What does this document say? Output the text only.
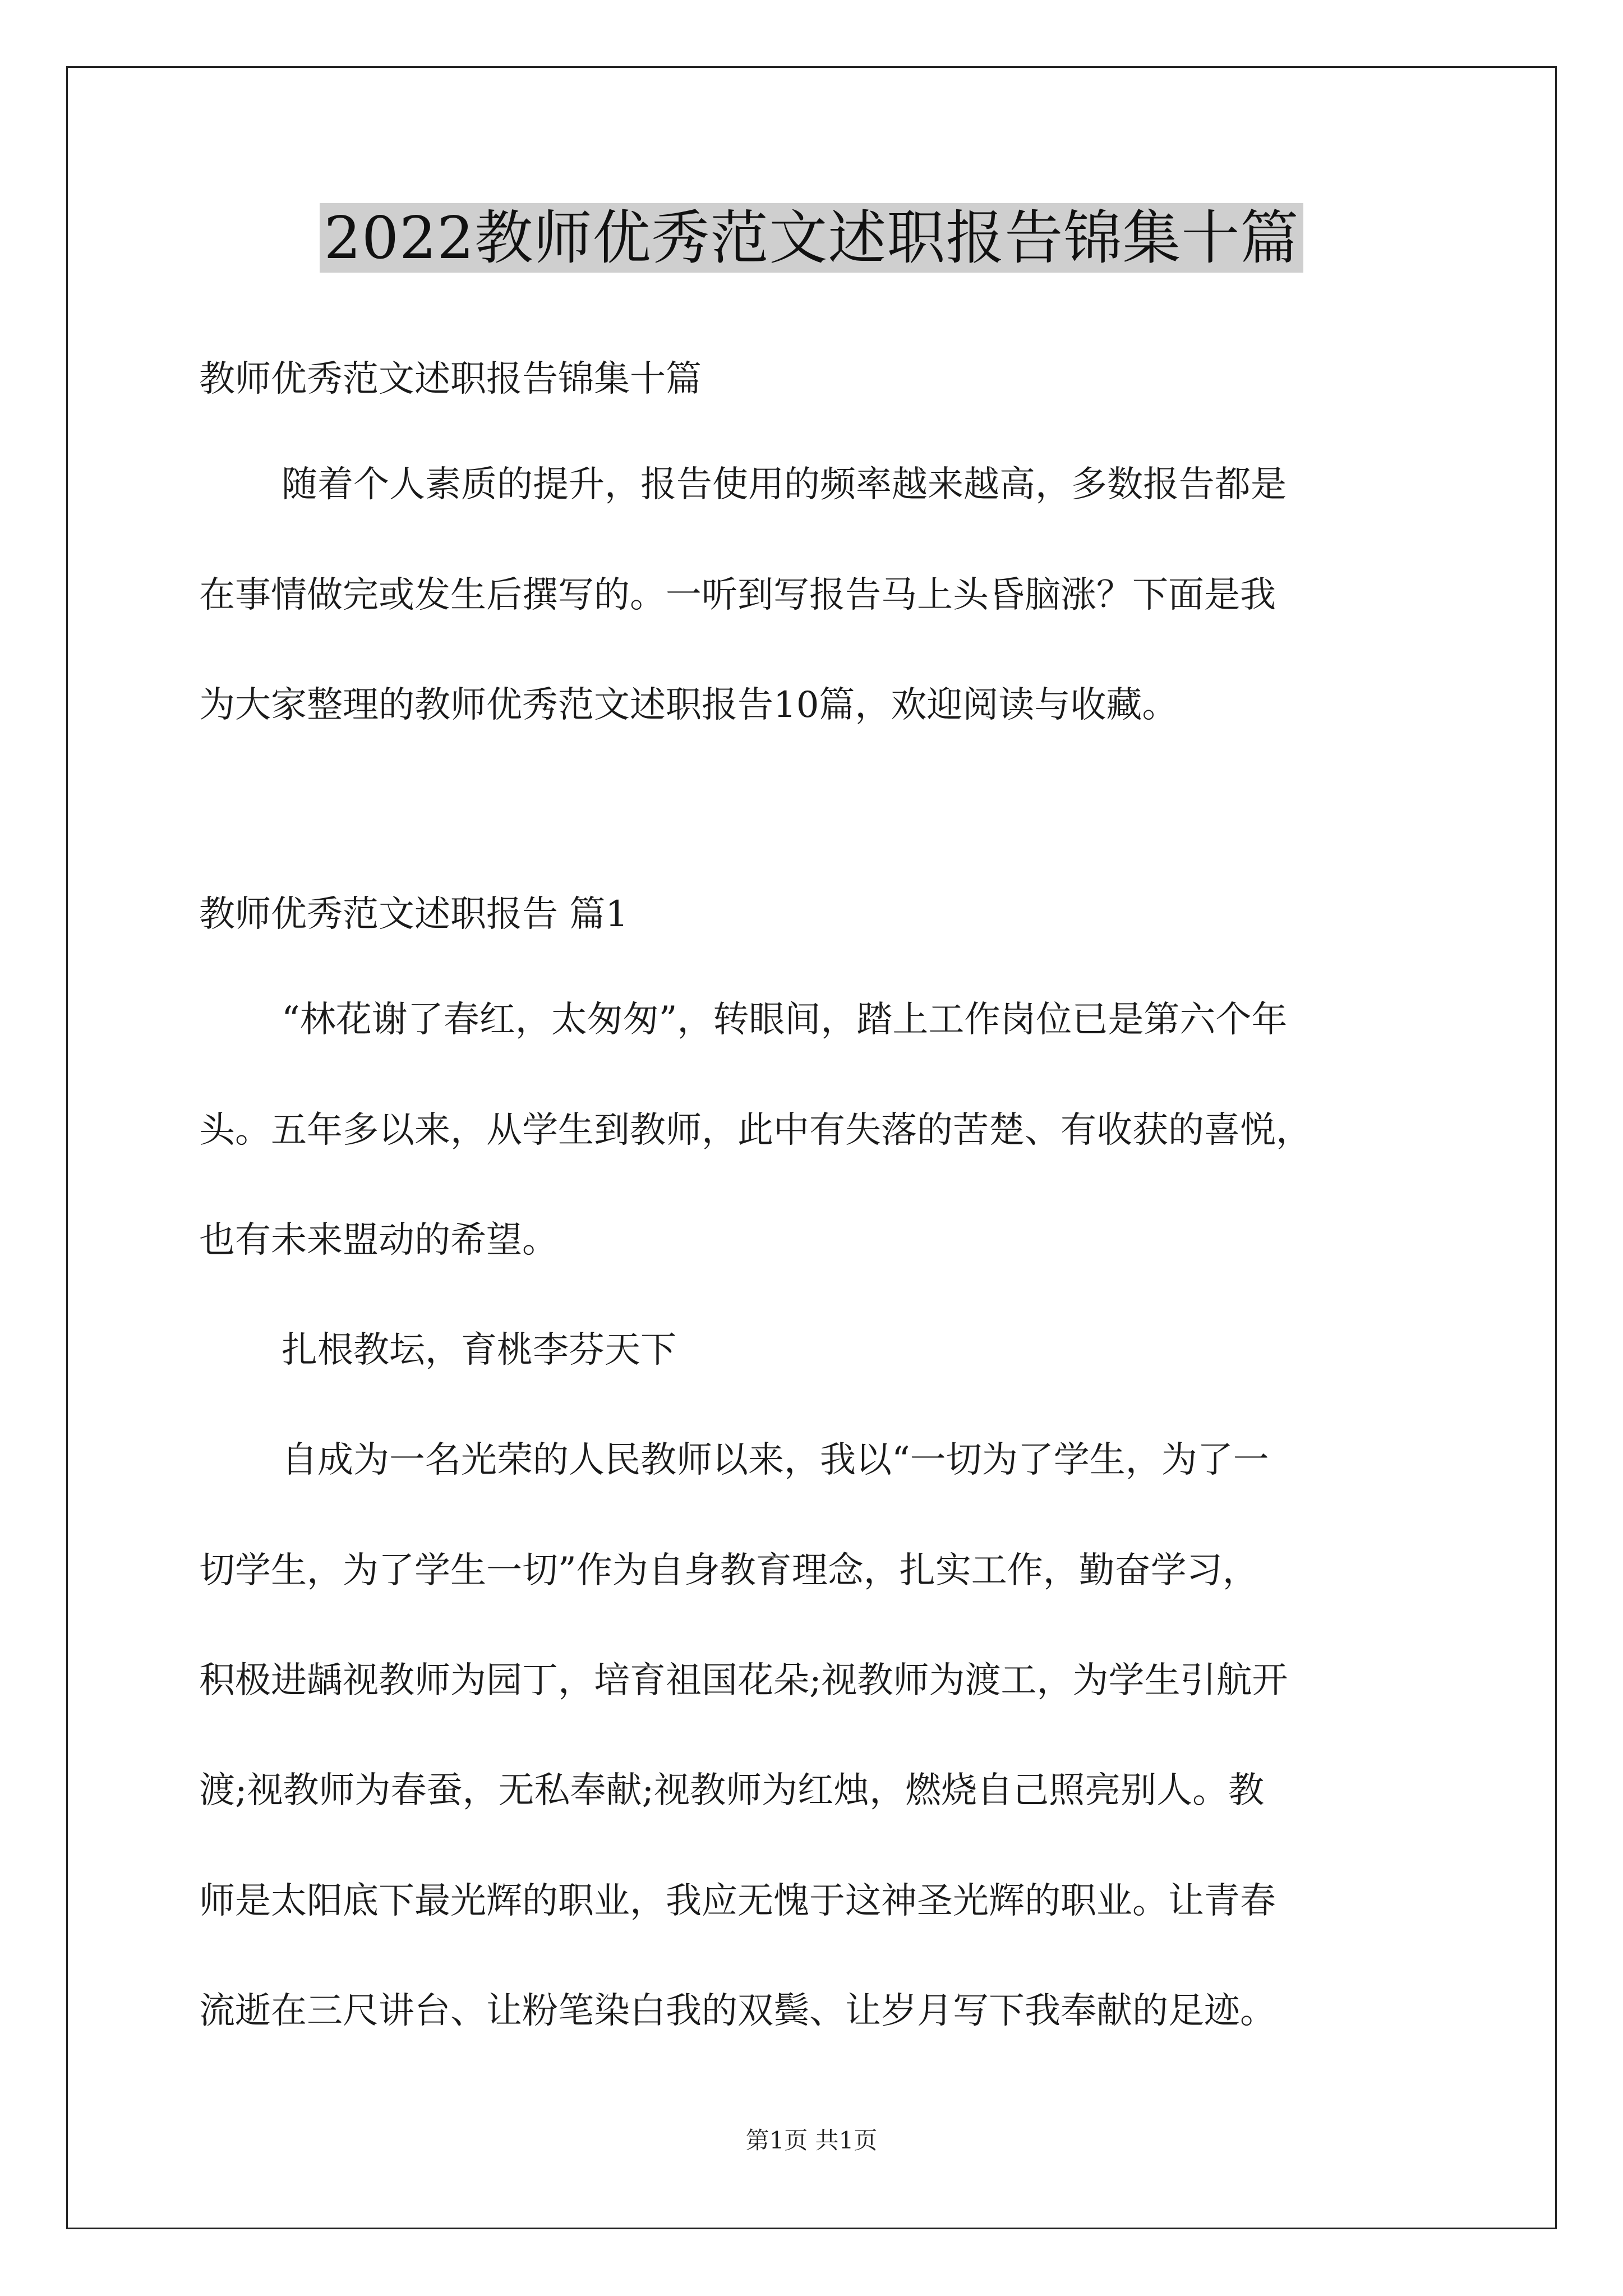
2022教师优秀范文述职报告锦集十篇
教师优秀范文述职报告锦集十篇
随着个人素质的提升，报告使用的频率越来越高，多数报告都是
在事情做完或发生后撰写的。一听到写报告马上头昏脑涨？下面是我
为大家整理的教师优秀范文述职报告10篇，欢迎阅读与收藏。
教师优秀范文述职报告 篇1
“林花谢了春红，太匆匆”，转眼间，踏上工作岗位已是第六个年
头。五年多以来，从学生到教师，此中有失落的苦楚、有收获的喜悦，
也有未来盟动的希望。
扎根教坛，育桃李芬天下
自成为一名光荣的人民教师以来，我以“一切为了学生，为了一
切学生，为了学生一切”作为自身教育理念，扎实工作，勤奋学习，
积极进龋视教师为园丁，培育祖国花朵;视教师为渡工，为学生引航开
渡;视教师为春蚕，无私奉献;视教师为红烛，燃烧自己照亮别人。教
师是太阳底下最光辉的职业，我应无愧于这神圣光辉的职业。让青春
流逝在三尺讲台、让粉笔染白我的双鬓、让岁月写下我奉献的足迹。
第1页 共1页
